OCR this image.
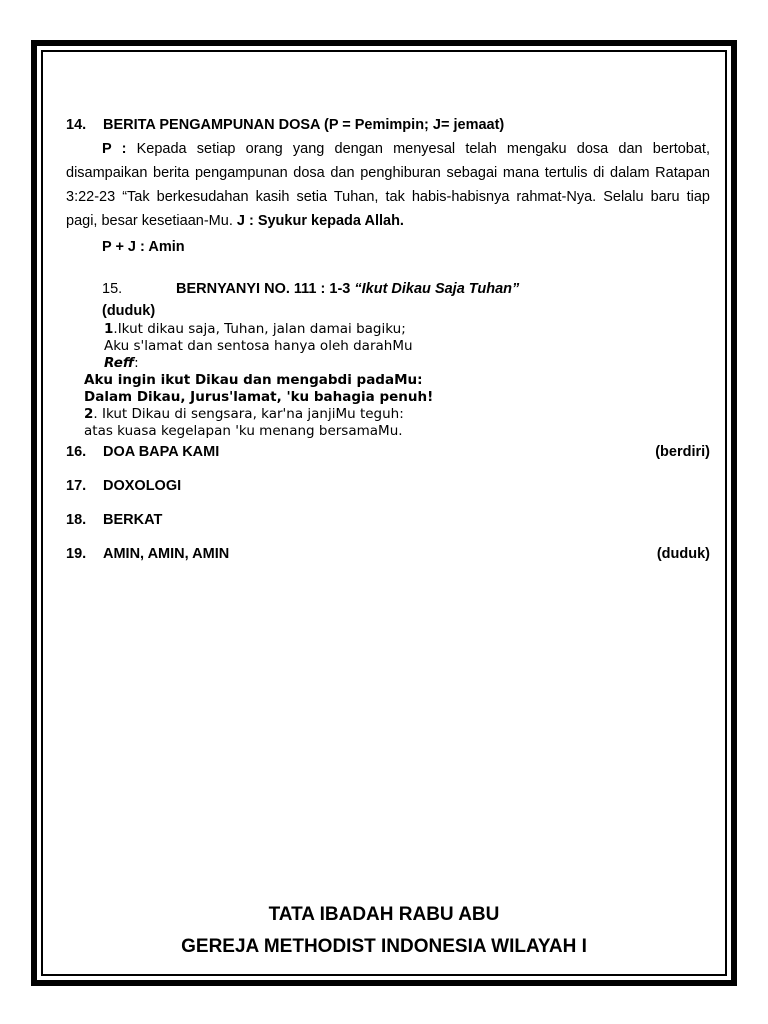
14.	BERITA PENGAMPUNAN DOSA (P = Pemimpin; J= jemaat)
P : Kepada setiap orang yang dengan menyesal telah mengaku dosa dan bertobat, disampaikan berita pengampunan dosa dan penghiburan sebagai mana tertulis di dalam Ratapan 3:22-23 “Tak berkesudahan kasih setia Tuhan, tak habis-habisnya rahmat-Nya. Selalu baru tiap pagi, besar kesetiaan-Mu. J : Syukur kepada Allah.
P + J : Amin
15.	BERNYANYI NO. 111 : 1-3 “Ikut Dikau Saja Tuhan”
(duduk)
1.Ikut dikau saja, Tuhan, jalan damai bagiku;
Aku s'lamat dan sentosa hanya oleh darahMu
Reff:
Aku ingin ikut Dikau dan mengabdi padaMu:
Dalam Dikau, Jurus'lamat, 'ku bahagia penuh!
2. Ikut Dikau di sengsara, kar'na janjiMu teguh:
atas kuasa kegelapan 'ku menang bersamaMu.
16.	DOA BAPA KAMI	(berdiri)
17.	DOXOLOGI
18.	BERKAT
19.	AMIN, AMIN, AMIN	(duduk)
TATA IBADAH RABU ABU
GEREJA METHODIST INDONESIA WILAYAH I
